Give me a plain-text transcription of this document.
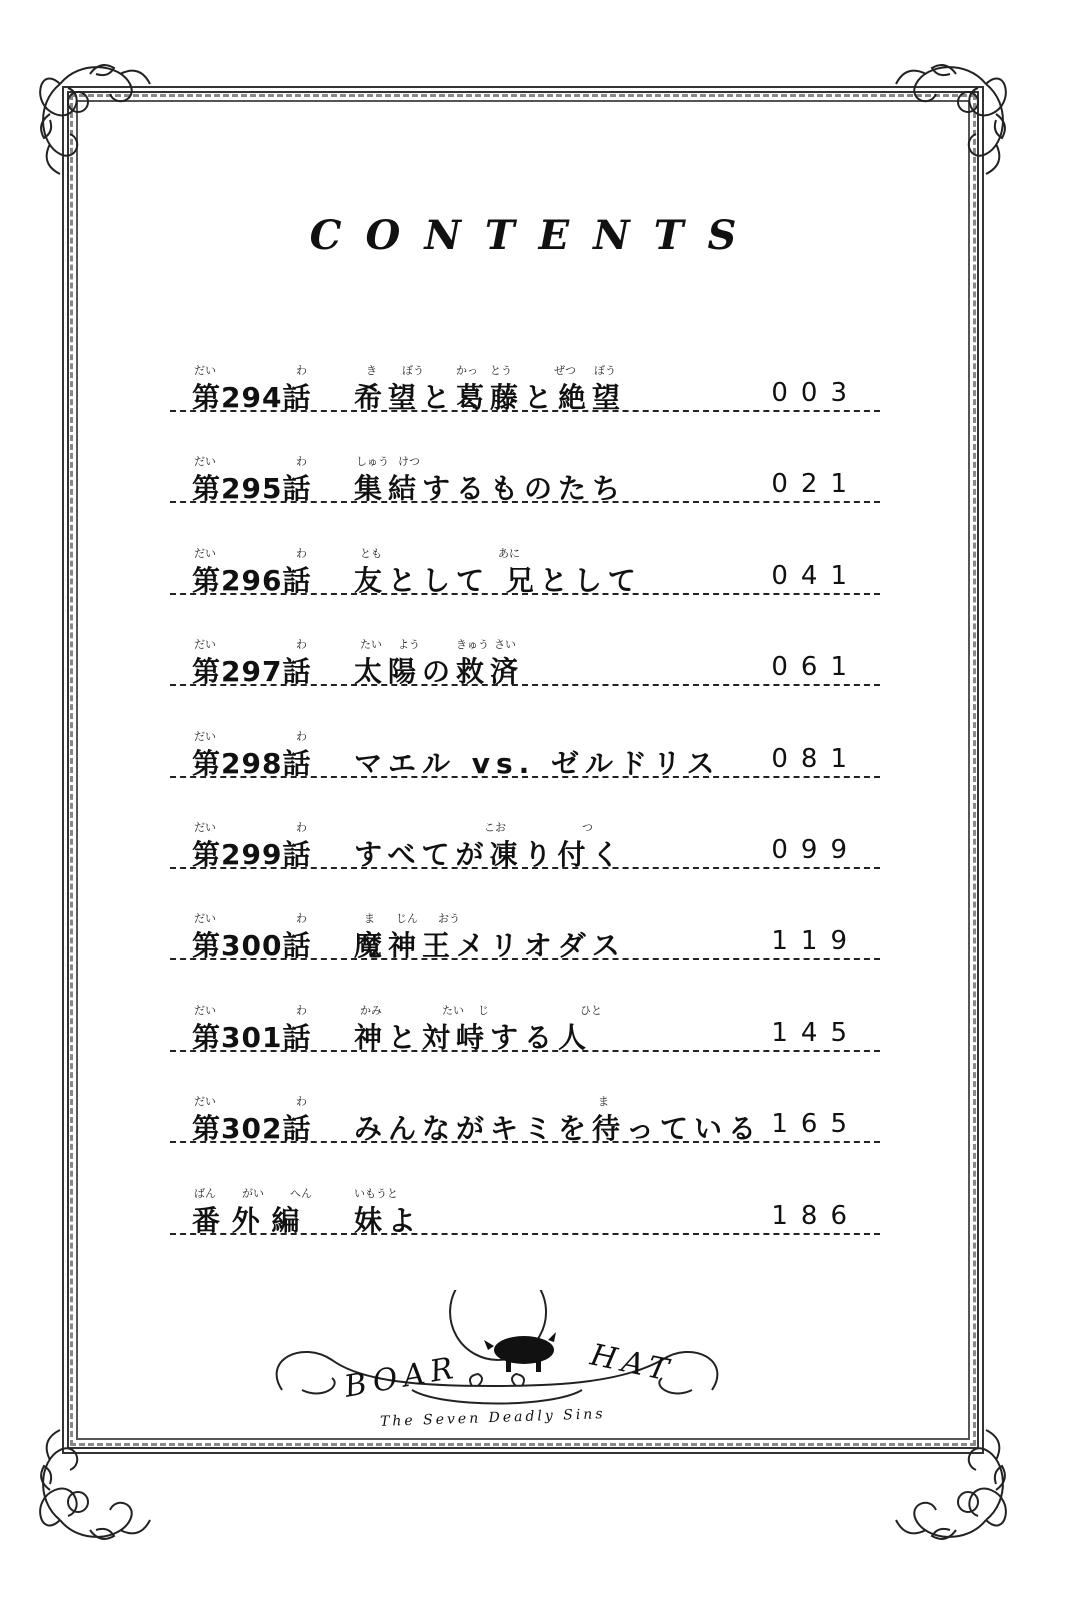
CONTENTS
だい	わ	き ぼう	かっ とう	ぜつ ぼう
第294話 希望と葛藤と絶望	003
だい	わ	しゅう けつ
第295話 集結するものたち	021
だい	わ	とも	あに
第296話 友として 兄として	041
だい	わ	たい よう	きゅう さい
第297話 太陽の救済	061
だい	わ
第298話 マエル vs. ゼルドリス 081
だい	わ	こお	つ
第299話 すべてが凍り付く	099
だい	わ	ま じん おう
第300話 魔神王メリオダス	119
だい	わ	かみ	たい じ	ひと
第301話 神と対峙する人	145
だい	わ	ま
第302話 みんながキミを待っている 165
ばん がい へん	いもうと
番 外 編 妹よ	186
BOAR	HAT
The Seven Deadly Sins
